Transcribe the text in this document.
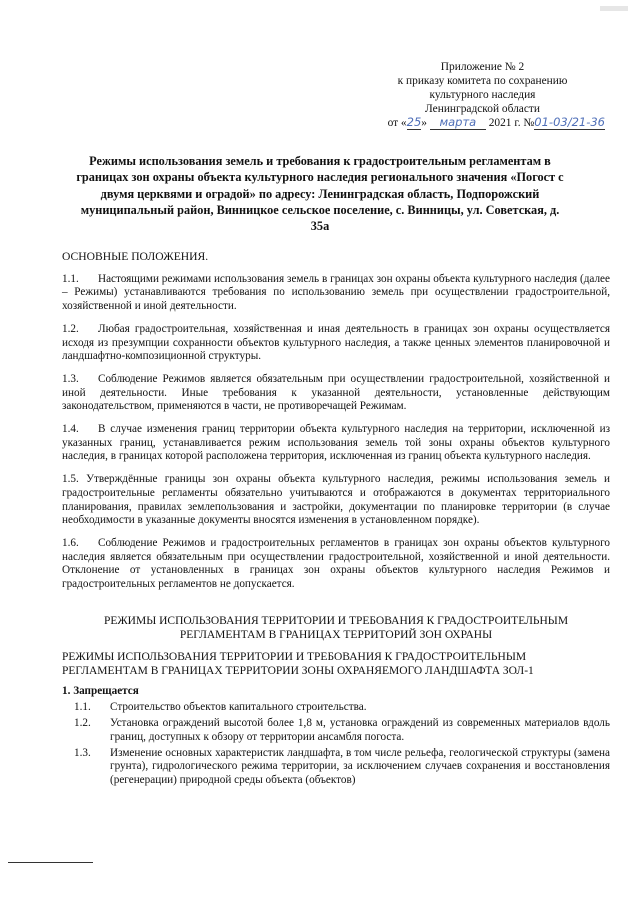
Приложение № 2
к приказу комитета по сохранению
культурного наследия
Ленинградской области
от «25» марта 2021 г. №01-03/21-36
Режимы использования земель и требования к градостроительным регламентам в границах зон охраны объекта культурного наследия регионального значения «Погост с двумя церквями и оградой» по адресу: Ленинградская область, Подпорожский муниципальный район, Винницкое сельское поселение, с. Винницы, ул. Советская, д. 35а
ОСНОВНЫЕ ПОЛОЖЕНИЯ.

1.1. Настоящими режимами использования земель в границах зон охраны объекта культурного наследия (далее – Режимы) устанавливаются требования по использованию земель при осуществлении градостроительной, хозяйственной и иной деятельности.

1.2. Любая градостроительная, хозяйственная и иная деятельность в границах зон охраны осуществляется исходя из презумпции сохранности объектов культурного наследия, а также ценных элементов планировочной и ландшафтно-композиционной структуры.

1.3. Соблюдение Режимов является обязательным при осуществлении градостроительной, хозяйственной и иной деятельности. Иные требования к указанной деятельности, установленные действующим законодательством, применяются в части, не противоречащей Режимам.

1.4. В случае изменения границ территории объекта культурного наследия на территории, исключенной из указанных границ, устанавливается режим использования земель той зоны охраны объектов культурного наследия, в границах которой расположена территория, исключенная из границ объекта культурного наследия.

1.5. Утверждённые границы зон охраны объекта культурного наследия, режимы использования земель и градостроительные регламенты обязательно учитываются и отображаются в документах территориального планирования, правилах землепользования и застройки, документации по планировке территории (в случае необходимости в указанные документы вносятся изменения в установленном порядке).

1.6. Соблюдение Режимов и градостроительных регламентов в границах зон охраны объектов культурного наследия является обязательным при осуществлении градостроительной, хозяйственной и иной деятельности. Отклонение от установленных в границах зон охраны объектов культурного наследия Режимов и градостроительных регламентов не допускается.

РЕЖИМЫ ИСПОЛЬЗОВАНИЯ ТЕРРИТОРИИ И ТРЕБОВАНИЯ К ГРАДОСТРОИТЕЛЬНЫМ РЕГЛАМЕНТАМ В ГРАНИЦАХ ТЕРРИТОРИЙ ЗОН ОХРАНЫ
РЕЖИМЫ ИСПОЛЬЗОВАНИЯ ТЕРРИТОРИИ И ТРЕБОВАНИЯ К ГРАДОСТРОИТЕЛЬНЫМ РЕГЛАМЕНТАМ В ГРАНИЦАХ ТЕРРИТОРИИ ЗОНЫ ОХРАНЯЕМОГО ЛАНДШАФТА ЗОЛ-1
1. Запрещается
1.1.	Строительство объектов капитального строительства.
1.2.	Установка ограждений высотой более 1,8 м, установка ограждений из современных материалов вдоль границ, доступных к обзору от территории ансамбля погоста.
1.3.	Изменение основных характеристик ландшафта, в том числе рельефа, геологической структуры (замена грунта), гидрологического режима территории, за исключением случаев сохранения и восстановления (регенерации) природной среды объекта (объектов)
